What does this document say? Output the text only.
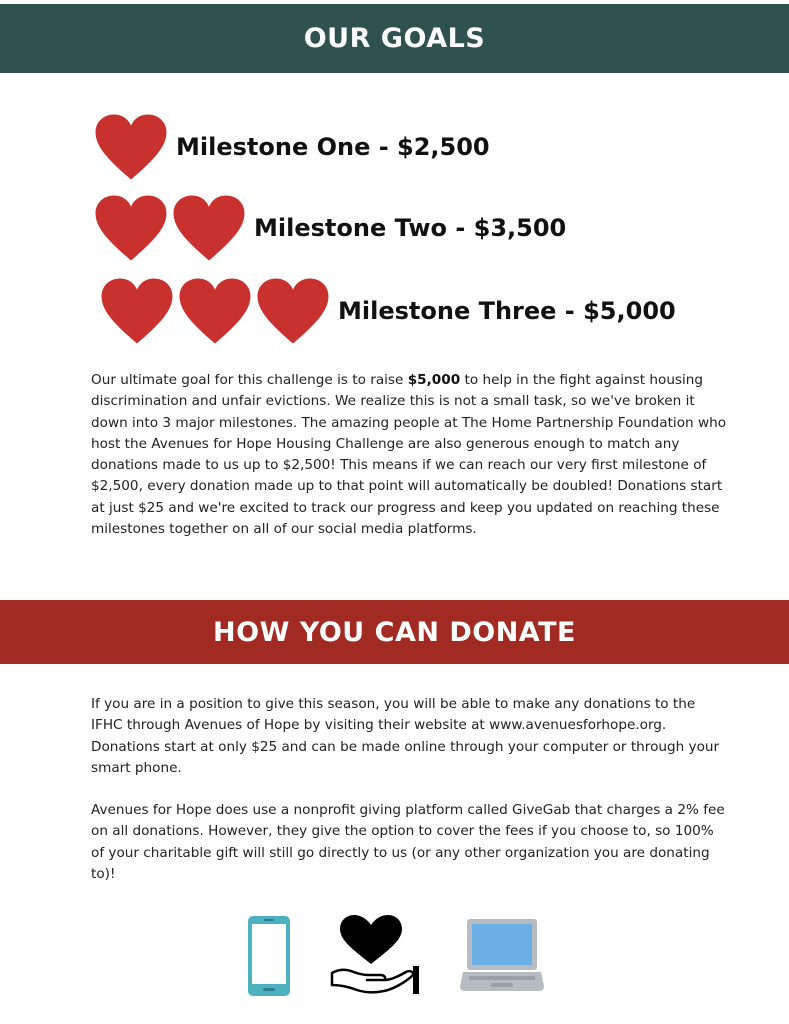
OUR GOALS
Milestone One - $2,500
Milestone Two - $3,500
Milestone Three - $5,000

Our ultimate goal for this challenge is to raise $5,000 to help in the fight against housing discrimination and unfair evictions. We realize this is not a small task, so we've broken it down into 3 major milestones. The amazing people at The Home Partnership Foundation who host the Avenues for Hope Housing Challenge are also generous enough to match any donations made to us up to $2,500! This means if we can reach our very first milestone of $2,500, every donation made up to that point will automatically be doubled! Donations start at just $25 and we're excited to track our progress and keep you updated on reaching these milestones together on all of our social media platforms.

HOW YOU CAN DONATE

If you are in a position to give this season, you will be able to make any donations to the IFHC through Avenues of Hope by visiting their website at www.avenuesforhope.org. Donations start at only $25 and can be made online through your computer or through your smart phone.

Avenues for Hope does use a nonprofit giving platform called GiveGab that charges a 2% fee on all donations. However, they give the option to cover the fees if you choose to, so 100% of your charitable gift will still go directly to us (or any other organization you are donating to)!
